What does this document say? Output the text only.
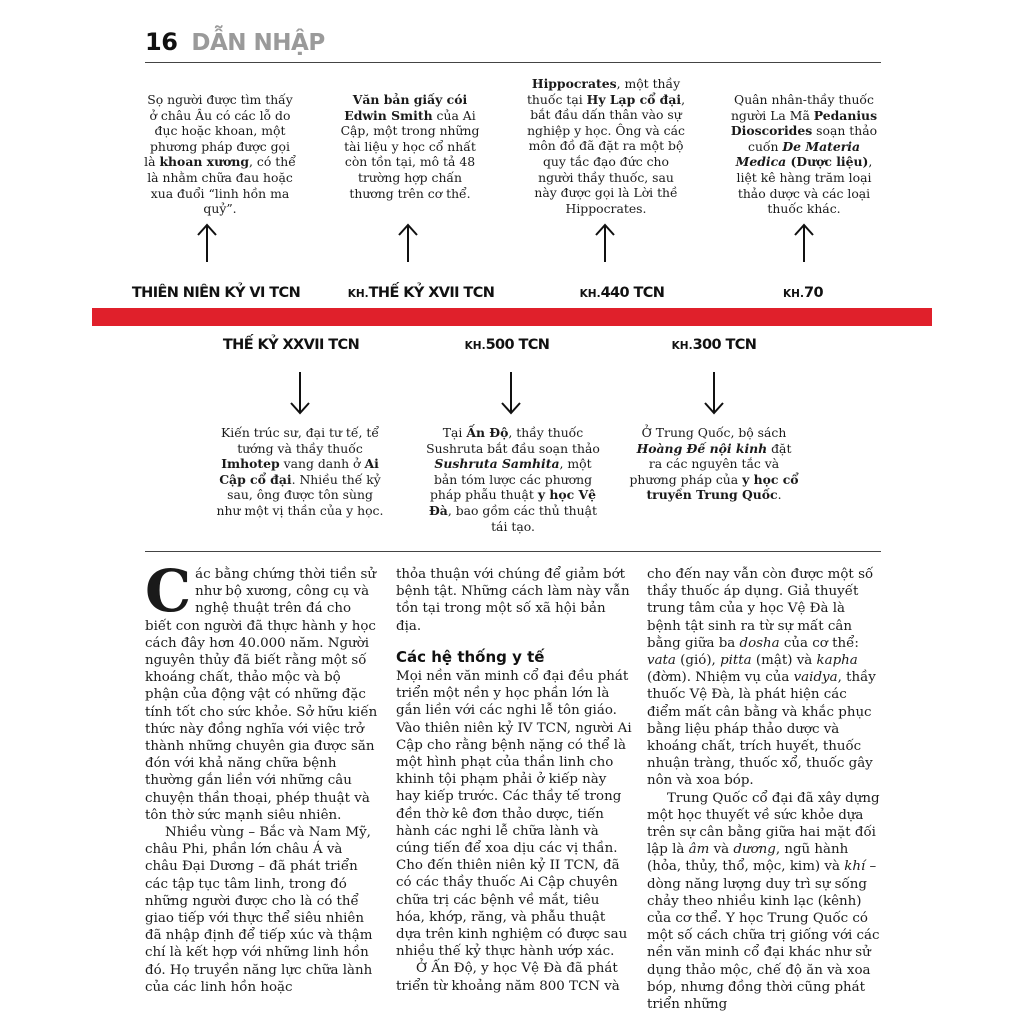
16 DẪN NHẬP
Sọ người được tìm thấy ở châu Âu có các lỗ do đục hoặc khoan, một phương pháp được gọi là khoan xương, có thể là nhằm chữa đau hoặc xua đuổi “linh hồn ma quỷ”.
Văn bản giấy cói Edwin Smith của Ai Cập, một trong những tài liệu y học cổ nhất còn tồn tại, mô tả 48 trường hợp chấn thương trên cơ thể.
Hippocrates, một thầy thuốc tại Hy Lạp cổ đại, bắt đầu dấn thân vào sự nghiệp y học. Ông và các môn đồ đã đặt ra một bộ quy tắc đạo đức cho người thầy thuốc, sau này được gọi là Lời thề Hippocrates.
Quân nhân-thầy thuốc người La Mã Pedanius Dioscorides soạn thảo cuốn De Materia Medica (Dược liệu), liệt kê hàng trăm loại thảo dược và các loại thuốc khác.
THIÊN NIÊN KỶ VI TCN	KH.THẾ KỶ XVII TCN	KH.440 TCN	KH.70
THẾ KỶ XXVII TCN	KH.500 TCN	KH.300 TCN
Kiến trúc sư, đại tư tế, tể tướng và thầy thuốc Imhotep vang danh ở Ai Cập cổ đại. Nhiều thế kỷ sau, ông được tôn sùng như một vị thần của y học.
Tại Ấn Độ, thầy thuốc Sushruta bắt đầu soạn thảo Sushruta Samhita, một bản tóm lược các phương pháp phẫu thuật y học Vệ Đà, bao gồm các thủ thuật tái tạo.
Ở Trung Quốc, bộ sách Hoàng Đế nội kinh đặt ra các nguyên tắc và phương pháp của y học cổ truyền Trung Quốc.

Các bằng chứng thời tiền sử như bộ xương, công cụ và nghệ thuật trên đá cho biết con người đã thực hành y học cách đây hơn 40.000 năm. Người nguyên thủy đã biết rằng một số khoáng chất, thảo mộc và bộ phận của động vật có những đặc tính tốt cho sức khỏe. Sở hữu kiến thức này đồng nghĩa với việc trở thành những chuyên gia được săn đón với khả năng chữa bệnh thường gắn liền với những câu chuyện thần thoại, phép thuật và tôn thờ sức mạnh siêu nhiên.

Nhiều vùng – Bắc và Nam Mỹ, châu Phi, phần lớn châu Á và châu Đại Dương – đã phát triển các tập tục tâm linh, trong đó những người được cho là có thể giao tiếp với thực thể siêu nhiên đã nhập định để tiếp xúc và thậm chí là kết hợp với những linh hồn đó. Họ truyền năng lực chữa lành của các linh hồn hoặc

thỏa thuận với chúng để giảm bớt bệnh tật. Những cách làm này vẫn tồn tại trong một số xã hội bản địa.

Các hệ thống y tế

Mọi nền văn minh cổ đại đều phát triển một nền y học phần lớn là gắn liền với các nghi lễ tôn giáo. Vào thiên niên kỷ IV TCN, người Ai Cập cho rằng bệnh nặng có thể là một hình phạt của thần linh cho khinh tội phạm phải ở kiếp này hay kiếp trước. Các thầy tế trong đền thờ kê đơn thảo dược, tiến hành các nghi lễ chữa lành và cúng tiến để xoa dịu các vị thần. Cho đến thiên niên kỷ II TCN, đã có các thầy thuốc Ai Cập chuyên chữa trị các bệnh về mắt, tiêu hóa, khớp, răng, và phẫu thuật dựa trên kinh nghiệm có được sau nhiều thế kỷ thực hành ướp xác.

Ở Ấn Độ, y học Vệ Đà đã phát triển từ khoảng năm 800 TCN và

cho đến nay vẫn còn được một số thầy thuốc áp dụng. Giả thuyết trung tâm của y học Vệ Đà là bệnh tật sinh ra từ sự mất cân bằng giữa ba dosha của cơ thể: vata (gió), pitta (mật) và kapha (đờm). Nhiệm vụ của vaidya, thầy thuốc Vệ Đà, là phát hiện các điểm mất cân bằng và khắc phục bằng liệu pháp thảo dược và khoáng chất, trích huyết, thuốc nhuận tràng, thuốc xổ, thuốc gây nôn và xoa bóp.

Trung Quốc cổ đại đã xây dựng một học thuyết về sức khỏe dựa trên sự cân bằng giữa hai mặt đối lập là âm và dương, ngũ hành (hỏa, thủy, thổ, mộc, kim) và khí – dòng năng lượng duy trì sự sống chảy theo nhiều kinh lạc (kênh) của cơ thể. Y học Trung Quốc có một số cách chữa trị giống với các nền văn minh cổ đại khác như sử dụng thảo mộc, chế độ ăn và xoa bóp, nhưng đồng thời cũng phát triển những
